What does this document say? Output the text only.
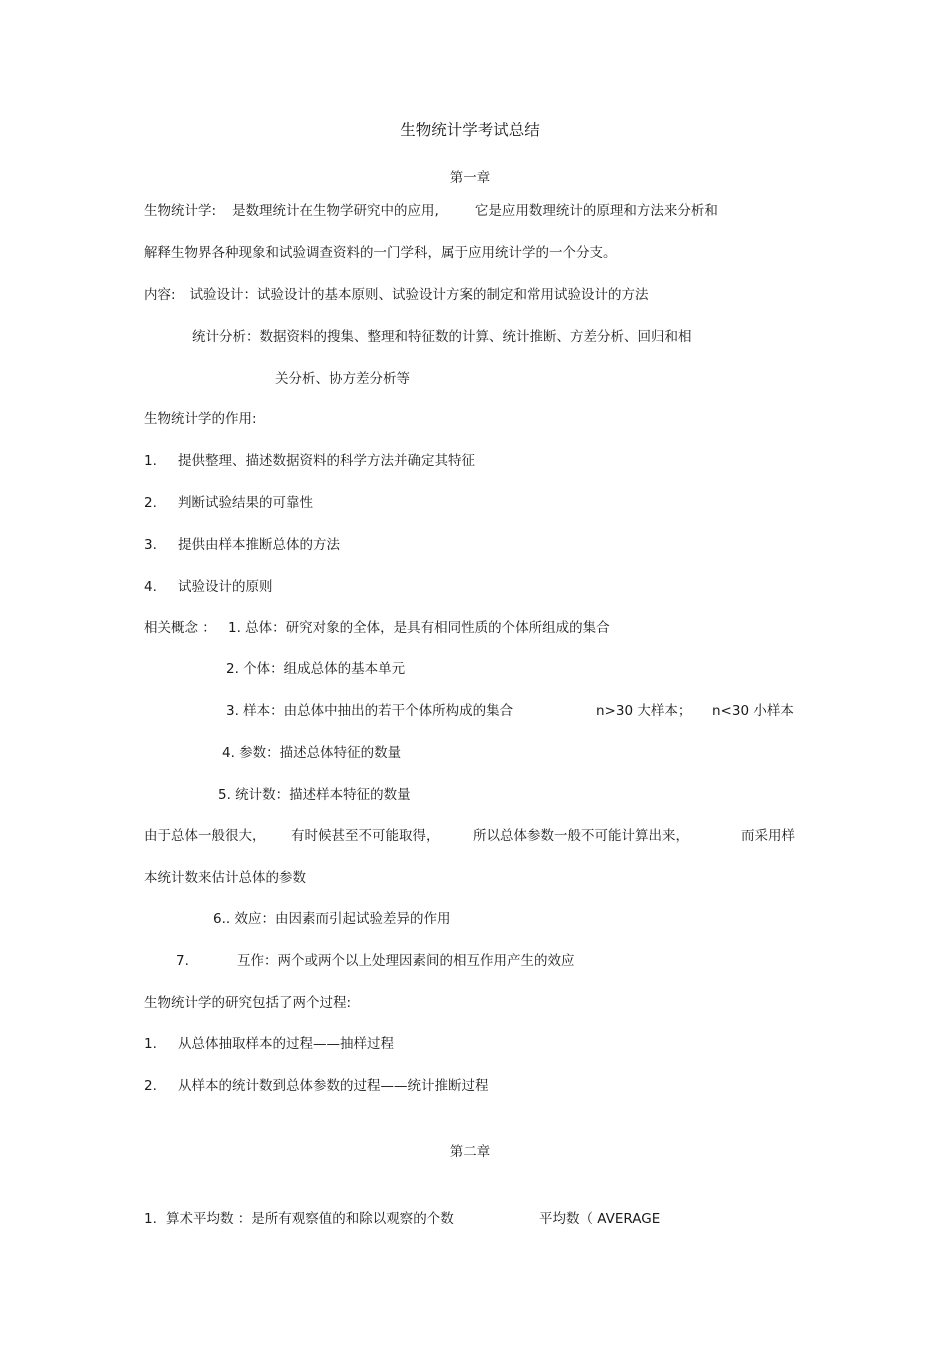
生物统计学考试总结
第一章
生物统计学: 是数理统计在生物学研究中的应用,	它是应用数理统计的原理和方法来分析和
解释生物界各种现象和试验调查资料的一门学科，属于应用统计学的一个分支。
内容: 试验设计：试验设计的基本原则、试验设计方案的制定和常用试验设计的方法
统计分析：数据资料的搜集、整理和特征数的计算、统计推断、方差分析、回归和相
关分析、协方差分析等
生物统计学的作用:
1. 提供整理、描述数据资料的科学方法并确定其特征
2. 判断试验结果的可靠性
3. 提供由样本推断总体的方法
4. 试验设计的原则
相关概念 ： 1. 总体：研究对象的全体，是具有相同性质的个体所组成的集合
2. 个体：组成总体的基本单元
3. 样本：由总体中抽出的若干个体所构成的集合	n>30 大样本； n<30 小样本
4. 参数：描述总体特征的数量
5. 统计数：描述样本特征的数量
由于总体一般很大， 有时候甚至不可能取得， 所以总体参数一般不可能计算出来，	而采用样
本统计数来估计总体的参数
6.. 效应：由因素而引起试验差异的作用
7.	互作：两个或两个以上处理因素间的相互作用产生的效应
生物统计学的研究包括了两个过程:
1. 从总体抽取样本的过程——抽样过程
2. 从样本的统计数到总体参数的过程——统计推断过程
第二章
1. 算术平均数 ：是所有观察值的和除以观察的个数	平均数（ AVERAGE
